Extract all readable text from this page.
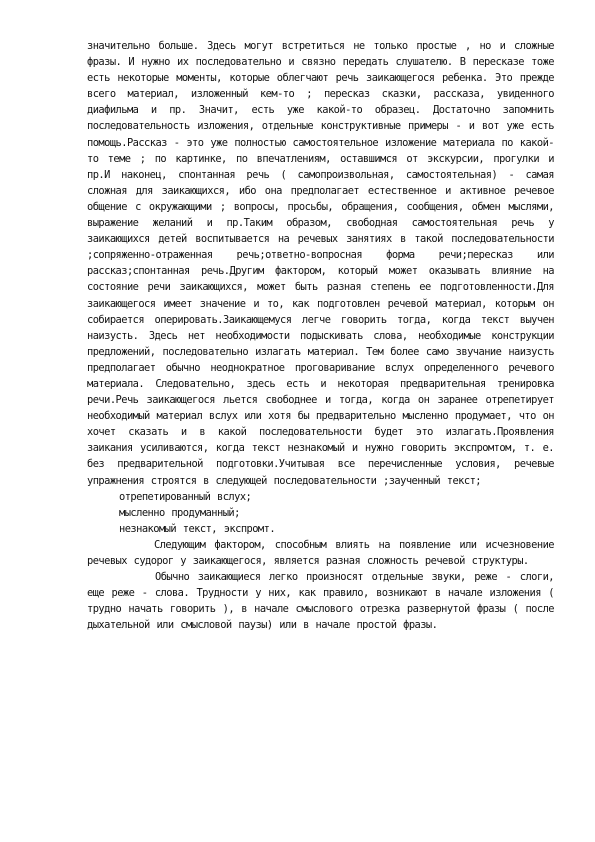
значительно больше. Здесь могут встретиться не только простые , но и сложные фразы. И нужно их последовательно и связно передать слушателю. В пересказе тоже есть некоторые моменты, которые облегчают речь заикающегося ребенка. Это прежде всего материал, изложенный кем-то ; пересказ сказки, рассказа, увиденного диафильма и пр. Значит, есть уже какой-то образец. Достаточно запомнить последовательность изложения, отдельные конструктивные примеры - и вот уже есть помощь.Рассказ - это уже полностью самостоятельное изложение материала по какой-то теме ; по картинке, по впечатлениям, оставшимся от экскурсии, прогулки и пр.И наконец, спонтанная речь ( самопроизвольная, самостоятельная) - самая сложная для заикающихся, ибо она предполагает естественное и активное речевое общение с окружающими ; вопросы, просьбы, обращения, сообщения, обмен мыслями, выражение желаний и пр.Таким образом, свободная самостоятельная речь у заикающихся детей воспитывается на речевых занятиях в такой последовательности ;сопряженно-отраженная речь;ответно-вопросная форма речи;пересказ или рассказ;спонтанная речь.Другим фактором, который может оказывать влияние на состояние речи заикающихся, может быть разная степень ее подготовленности.Для заикающегося имеет значение и то, как подготовлен речевой материал, которым он собирается оперировать.Заикающемуся легче говорить тогда, когда текст выучен наизусть. Здесь нет необходимости подыскивать слова, необходимые конструкции предложений, последовательно излагать материал. Тем более само звучание наизусть предполагает обычно неоднократное проговаривание вслух определенного речевого материала. Следовательно, здесь есть и некоторая предварительная тренировка речи.Речь заикающегося льется свободнее и тогда, когда он заранее отрепетирует необходимый материал вслух или хотя бы предварительно мысленно продумает, что он хочет сказать и в какой последовательности будет это излагать.Проявления заикания усиливаются, когда текст незнакомый и нужно говорить экспромтом, т. е. без предварительной подготовки.Учитывая все перечисленные условия, речевые упражнения строятся в следующей последовательности ;заученный текст;

отрепетированный вслух;
мысленно продуманный;
незнакомый текст, экспромт.

Следующим фактором, способным влиять на появление или исчезновение речевых судорог у заикающегося, является разная сложность речевой структуры.

Обычно заикающиеся легко произносят отдельные звуки, реже - слоги, еще реже - слова. Трудности у них, как правило, возникают в начале изложения ( трудно начать говорить ), в начале смыслового отрезка развернутой фразы ( после дыхательной или смысловой паузы) или в начале простой фразы.
